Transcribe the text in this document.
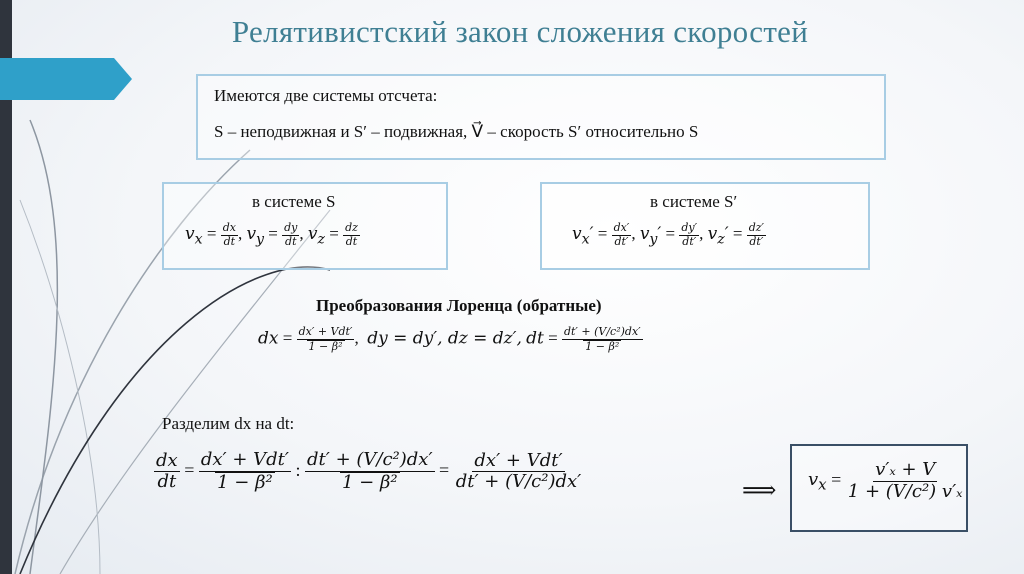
Релятивистский закон сложения скоростей
Имеются две системы отсчета:
S – неподвижная и S′ – подвижная, V⃗ – скорость S′ относительно S
в системе S
$v_x = \frac{dx}{dt}$ , $v_y = \frac{dy}{dt}$ , $v_z = \frac{dz}{dt}$
в системе S′
$v_x' = \frac{dx'}{dt'}$ , $v_y' = \frac{dy'}{dt'}$ , $v_z' = \frac{dz'}{dt'}$
Преобразования Лоренца (обратные)
dx = $\frac{\text{dx′ + Vdt′}}{\text{1 − β²}}$ ,  dy = dy′, dz = dz′, dt = $\frac{\text{dt′ + (V/c²)dx′}}{\text{1 − β²}}$
Разделим dx на dt:
$\frac{dx}{dt} = \frac{\text{dx′ + Vdt′}}{\text{1 − β²}}$ : $\frac{\text{dt′ + (V/c²)dx′}}{\text{1 − β²}} = \frac{\text{dx′ + Vdt′}}{\text{dt′ + (V/c²)dx′}}$	⟹ $v_x = \frac{\text{v′ₓ + V}}{\text{1 + (V/c²) v′ₓ}}$
